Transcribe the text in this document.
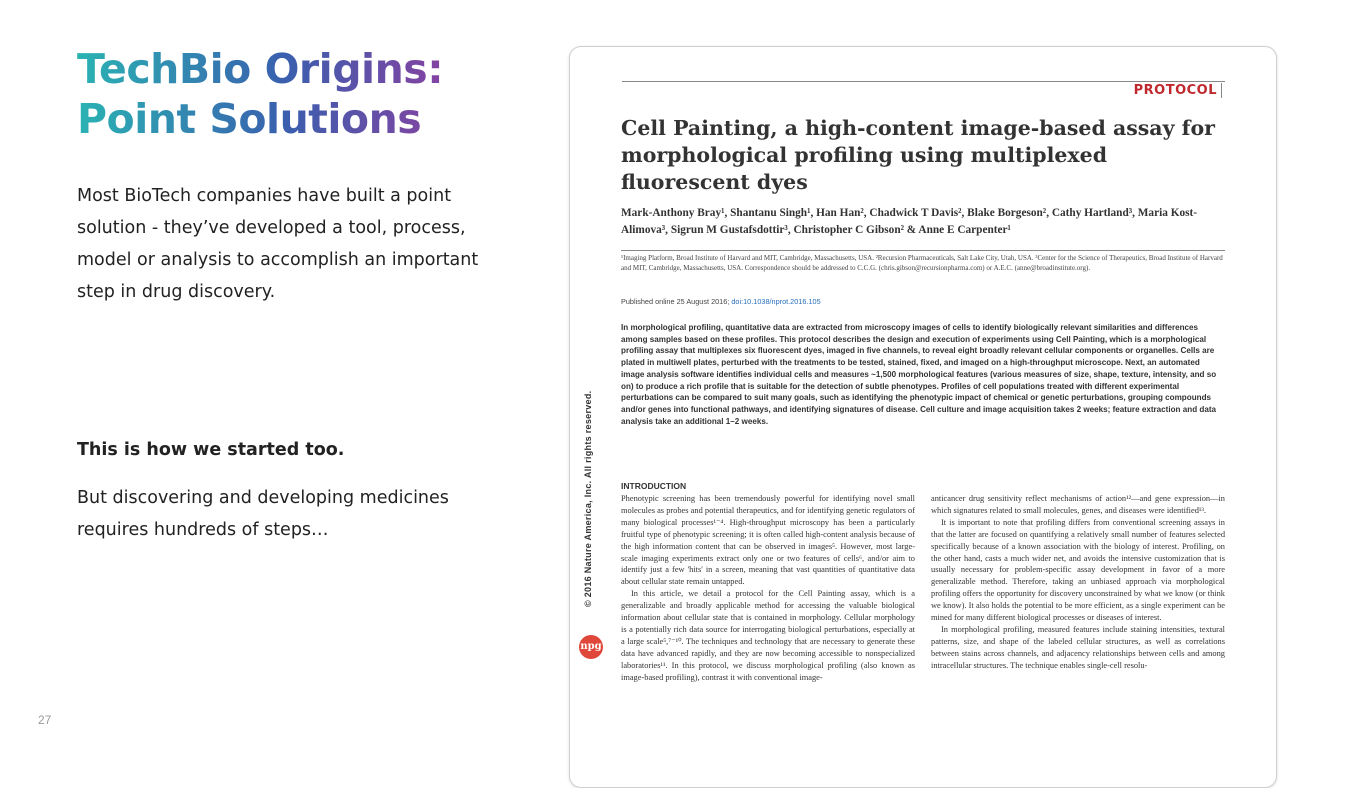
TechBio Origins:
Point Solutions

Most BioTech companies have built a point solution - they’ve developed a tool, process, model or analysis to accomplish an important step in drug discovery.

This is how we started too.

But discovering and developing medicines requires hundreds of steps…

27
PROTOCOL
Cell Painting, a high-content image-based assay for morphological profiling using multiplexed fluorescent dyes
Mark-Anthony Bray¹, Shantanu Singh¹, Han Han², Chadwick T Davis², Blake Borgeson², Cathy Hartland³, Maria Kost-Alimova³, Sigrun M Gustafsdottir³, Christopher C Gibson² & Anne E Carpenter¹
¹Imaging Platform, Broad Institute of Harvard and MIT, Cambridge, Massachusetts, USA. ²Recursion Pharmaceuticals, Salt Lake City, Utah, USA. ³Center for the Science of Therapeutics, Broad Institute of Harvard and MIT, Cambridge, Massachusetts, USA. Correspondence should be addressed to C.C.G. (chris.gibson@recursionpharma.com) or A.E.C. (anne@broadinstitute.org).
Published online 25 August 2016; doi:10.1038/nprot.2016.105
In morphological profiling, quantitative data are extracted from microscopy images of cells to identify biologically relevant similarities and differences among samples based on these profiles. This protocol describes the design and execution of experiments using Cell Painting, which is a morphological profiling assay that multiplexes six fluorescent dyes, imaged in five channels, to reveal eight broadly relevant cellular components or organelles. Cells are plated in multiwell plates, perturbed with the treatments to be tested, stained, fixed, and imaged on a high-throughput microscope. Next, an automated image analysis software identifies individual cells and measures ~1,500 morphological features (various measures of size, shape, texture, intensity, and so on) to produce a rich profile that is suitable for the detection of subtle phenotypes. Profiles of cell populations treated with different experimental perturbations can be compared to suit many goals, such as identifying the phenotypic impact of chemical or genetic perturbations, grouping compounds and/or genes into functional pathways, and identifying signatures of disease. Cell culture and image acquisition takes 2 weeks; feature extraction and data analysis take an additional 1–2 weeks.
© 2016 Nature America, Inc. All rights reserved.
npg
INTRODUCTION

Phenotypic screening has been tremendously powerful for identifying novel small molecules as probes and potential therapeutics, and for identifying genetic regulators of many biological processes¹⁻⁴. High-throughput microscopy has been a particularly fruitful type of phenotypic screening; it is often called high-content analysis because of the high information content that can be observed in images⁵. However, most large-scale imaging experiments extract only one or two features of cells⁶, and/or aim to identify just a few 'hits' in a screen, meaning that vast quantities of quantitative data about cellular state remain untapped.

In this article, we detail a protocol for the Cell Painting assay, which is a generalizable and broadly applicable method for accessing the valuable biological information about cellular state that is contained in morphology. Cellular morphology is a potentially rich data source for interrogating biological perturbations, especially at a large scale⁵,⁷⁻¹⁰. The techniques and technology that are necessary to generate these data have advanced rapidly, and they are now becoming accessible to nonspecialized laboratories¹¹. In this protocol, we discuss morphological profiling (also known as image-based profiling), contrast it with conventional image-

anticancer drug sensitivity reflect mechanisms of action¹²—and gene expression—in which signatures related to small molecules, genes, and diseases were identified¹³.

It is important to note that profiling differs from conventional screening assays in that the latter are focused on quantifying a relatively small number of features selected specifically because of a known association with the biology of interest. Profiling, on the other hand, casts a much wider net, and avoids the intensive customization that is usually necessary for problem-specific assay development in favor of a more generalizable method. Therefore, taking an unbiased approach via morphological profiling offers the opportunity for discovery unconstrained by what we know (or think we know). It also holds the potential to be more efficient, as a single experiment can be mined for many different biological processes or diseases of interest.

In morphological profiling, measured features include staining intensities, textural patterns, size, and shape of the labeled cellular structures, as well as correlations between stains across channels, and adjacency relationships between cells and among intracellular structures. The technique enables single-cell resolu-
